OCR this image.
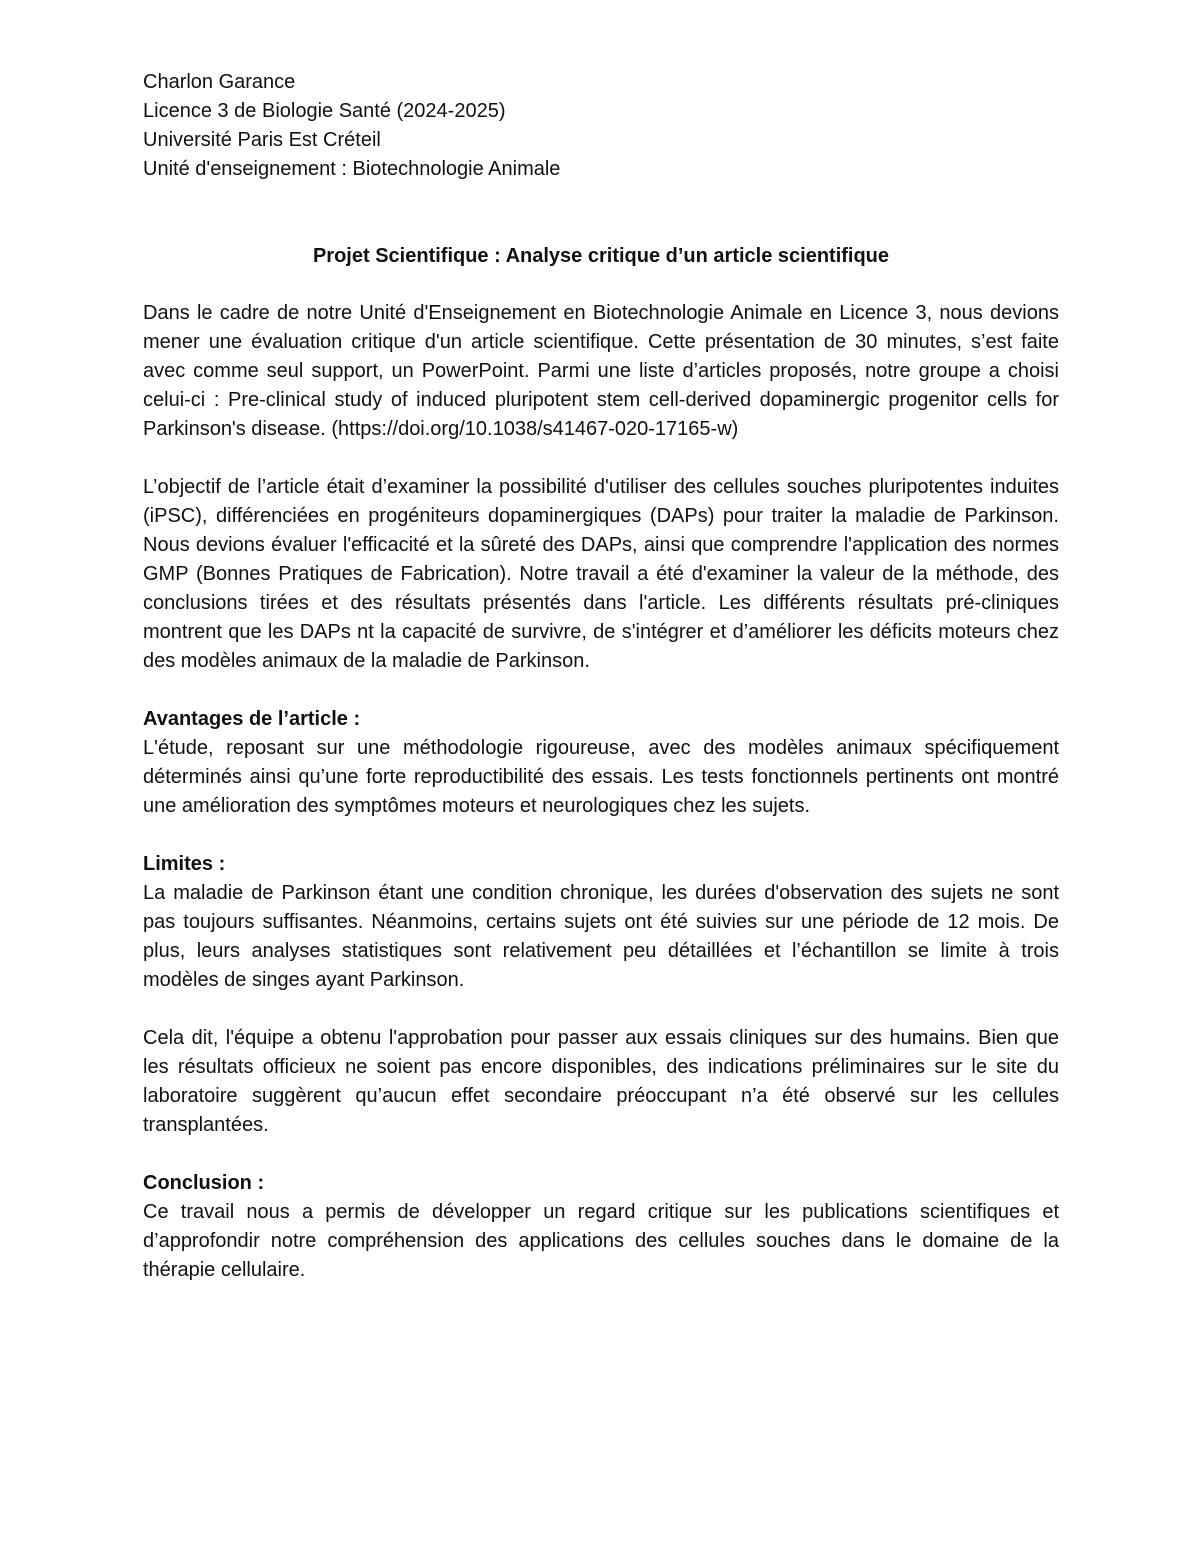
Charlon Garance
Licence 3 de Biologie Santé (2024-2025)
Université Paris Est Créteil
Unité d'enseignement : Biotechnologie Animale
Projet Scientifique : Analyse critique d’un article scientifique

Dans le cadre de notre Unité d'Enseignement en Biotechnologie Animale en Licence 3, nous devions mener une évaluation critique d'un article scientifique. Cette présentation de 30 minutes, s’est faite avec comme seul support, un PowerPoint. Parmi une liste d’articles proposés, notre groupe a choisi celui-ci : Pre-clinical study of induced pluripotent stem cell-derived dopaminergic progenitor cells for Parkinson's disease. (https://doi.org/10.1038/s41467-020-17165-w)

L’objectif de l’article était d’examiner la possibilité d'utiliser des cellules souches pluripotentes induites (iPSC), différenciées en progéniteurs dopaminergiques (DAPs) pour traiter la maladie de Parkinson. Nous devions évaluer l'efficacité et la sûreté des DAPs, ainsi que comprendre l'application des normes GMP (Bonnes Pratiques de Fabrication). Notre travail a été d'examiner la valeur de la méthode, des conclusions tirées et des résultats présentés dans l'article. Les différents résultats pré-cliniques montrent que les DAPs nt la capacité de survivre, de s'intégrer et d’améliorer les déficits moteurs chez des modèles animaux de la maladie de Parkinson.

Avantages de l’article :

L'étude, reposant sur une méthodologie rigoureuse, avec des modèles animaux spécifiquement déterminés ainsi qu’une forte reproductibilité des essais. Les tests fonctionnels pertinents ont montré une amélioration des symptômes moteurs et neurologiques chez les sujets.

Limites :

La maladie de Parkinson étant une condition chronique, les durées d'observation des sujets ne sont pas toujours suffisantes. Néanmoins, certains sujets ont été suivies sur une période de 12 mois. De plus, leurs analyses statistiques sont relativement peu détaillées et l’échantillon se limite à trois modèles de singes ayant Parkinson.

Cela dit, l'équipe a obtenu l'approbation pour passer aux essais cliniques sur des humains. Bien que les résultats officieux ne soient pas encore disponibles, des indications préliminaires sur le site du laboratoire suggèrent qu’aucun effet secondaire préoccupant n’a été observé sur les cellules transplantées.

Conclusion :

Ce travail nous a permis de développer un regard critique sur les publications scientifiques et d’approfondir notre compréhension des applications des cellules souches dans le domaine de la thérapie cellulaire.
